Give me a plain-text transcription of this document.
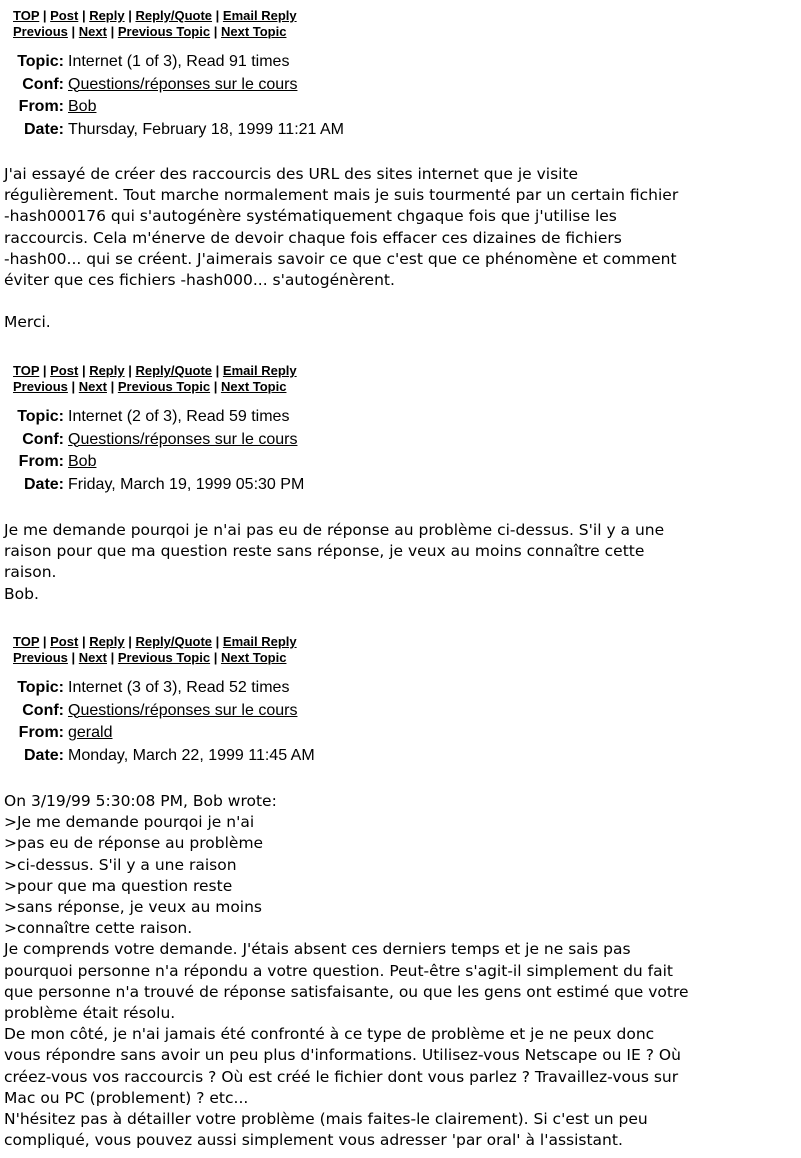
TOP | Post | Reply | Reply/Quote | Email Reply
Previous | Next | Previous Topic | Next Topic
Topic: Internet (1 of 3), Read 91 times
Conf: Questions/réponses sur le cours
From: Bob
Date: Thursday, February 18, 1999 11:21 AM

J'ai essayé de créer des raccourcis des URL des sites internet que je visite

régulièrement. Tout marche normalement mais je suis tourmenté par un certain fichier

-hash000176 qui s'autogénère systématiquement chgaque fois que j'utilise les

raccourcis. Cela m'énerve de devoir chaque fois effacer ces dizaines de fichiers

-hash00... qui se créent. J'aimerais savoir ce que c'est que ce phénomène et comment

éviter que ces fichiers -hash000... s'autogénèrent.

Merci.

TOP | Post | Reply | Reply/Quote | Email Reply
Previous | Next | Previous Topic | Next Topic
Topic: Internet (2 of 3), Read 59 times
Conf: Questions/réponses sur le cours
From: Bob
Date: Friday, March 19, 1999 05:30 PM

Je me demande pourqoi je n'ai pas eu de réponse au problème ci-dessus. S'il y a une

raison pour que ma question reste sans réponse, je veux au moins connaître cette

raison.

Bob.

TOP | Post | Reply | Reply/Quote | Email Reply
Previous | Next | Previous Topic | Next Topic
Topic: Internet (3 of 3), Read 52 times
Conf: Questions/réponses sur le cours
From: gerald
Date: Monday, March 22, 1999 11:45 AM

On 3/19/99 5:30:08 PM, Bob wrote:

>Je me demande pourqoi je n'ai

>pas eu de réponse au problème

>ci-dessus. S'il y a une raison

>pour que ma question reste

>sans réponse, je veux au moins

>connaître cette raison.

Je comprends votre demande. J'étais absent ces derniers temps et je ne sais pas

pourquoi personne n'a répondu a votre question. Peut-être s'agit-il simplement du fait

que personne n'a trouvé de réponse satisfaisante, ou que les gens ont estimé que votre

problème était résolu.

De mon côté, je n'ai jamais été confronté à ce type de problème et je ne peux donc

vous répondre sans avoir un peu plus d'informations. Utilisez-vous Netscape ou IE ? Où

créez-vous vos raccourcis ? Où est créé le fichier dont vous parlez ? Travaillez-vous sur

Mac ou PC (problement) ? etc...

N'hésitez pas à détailler votre problème (mais faites-le clairement). Si c'est un peu

compliqué, vous pouvez aussi simplement vous adresser 'par oral' à l'assistant.
